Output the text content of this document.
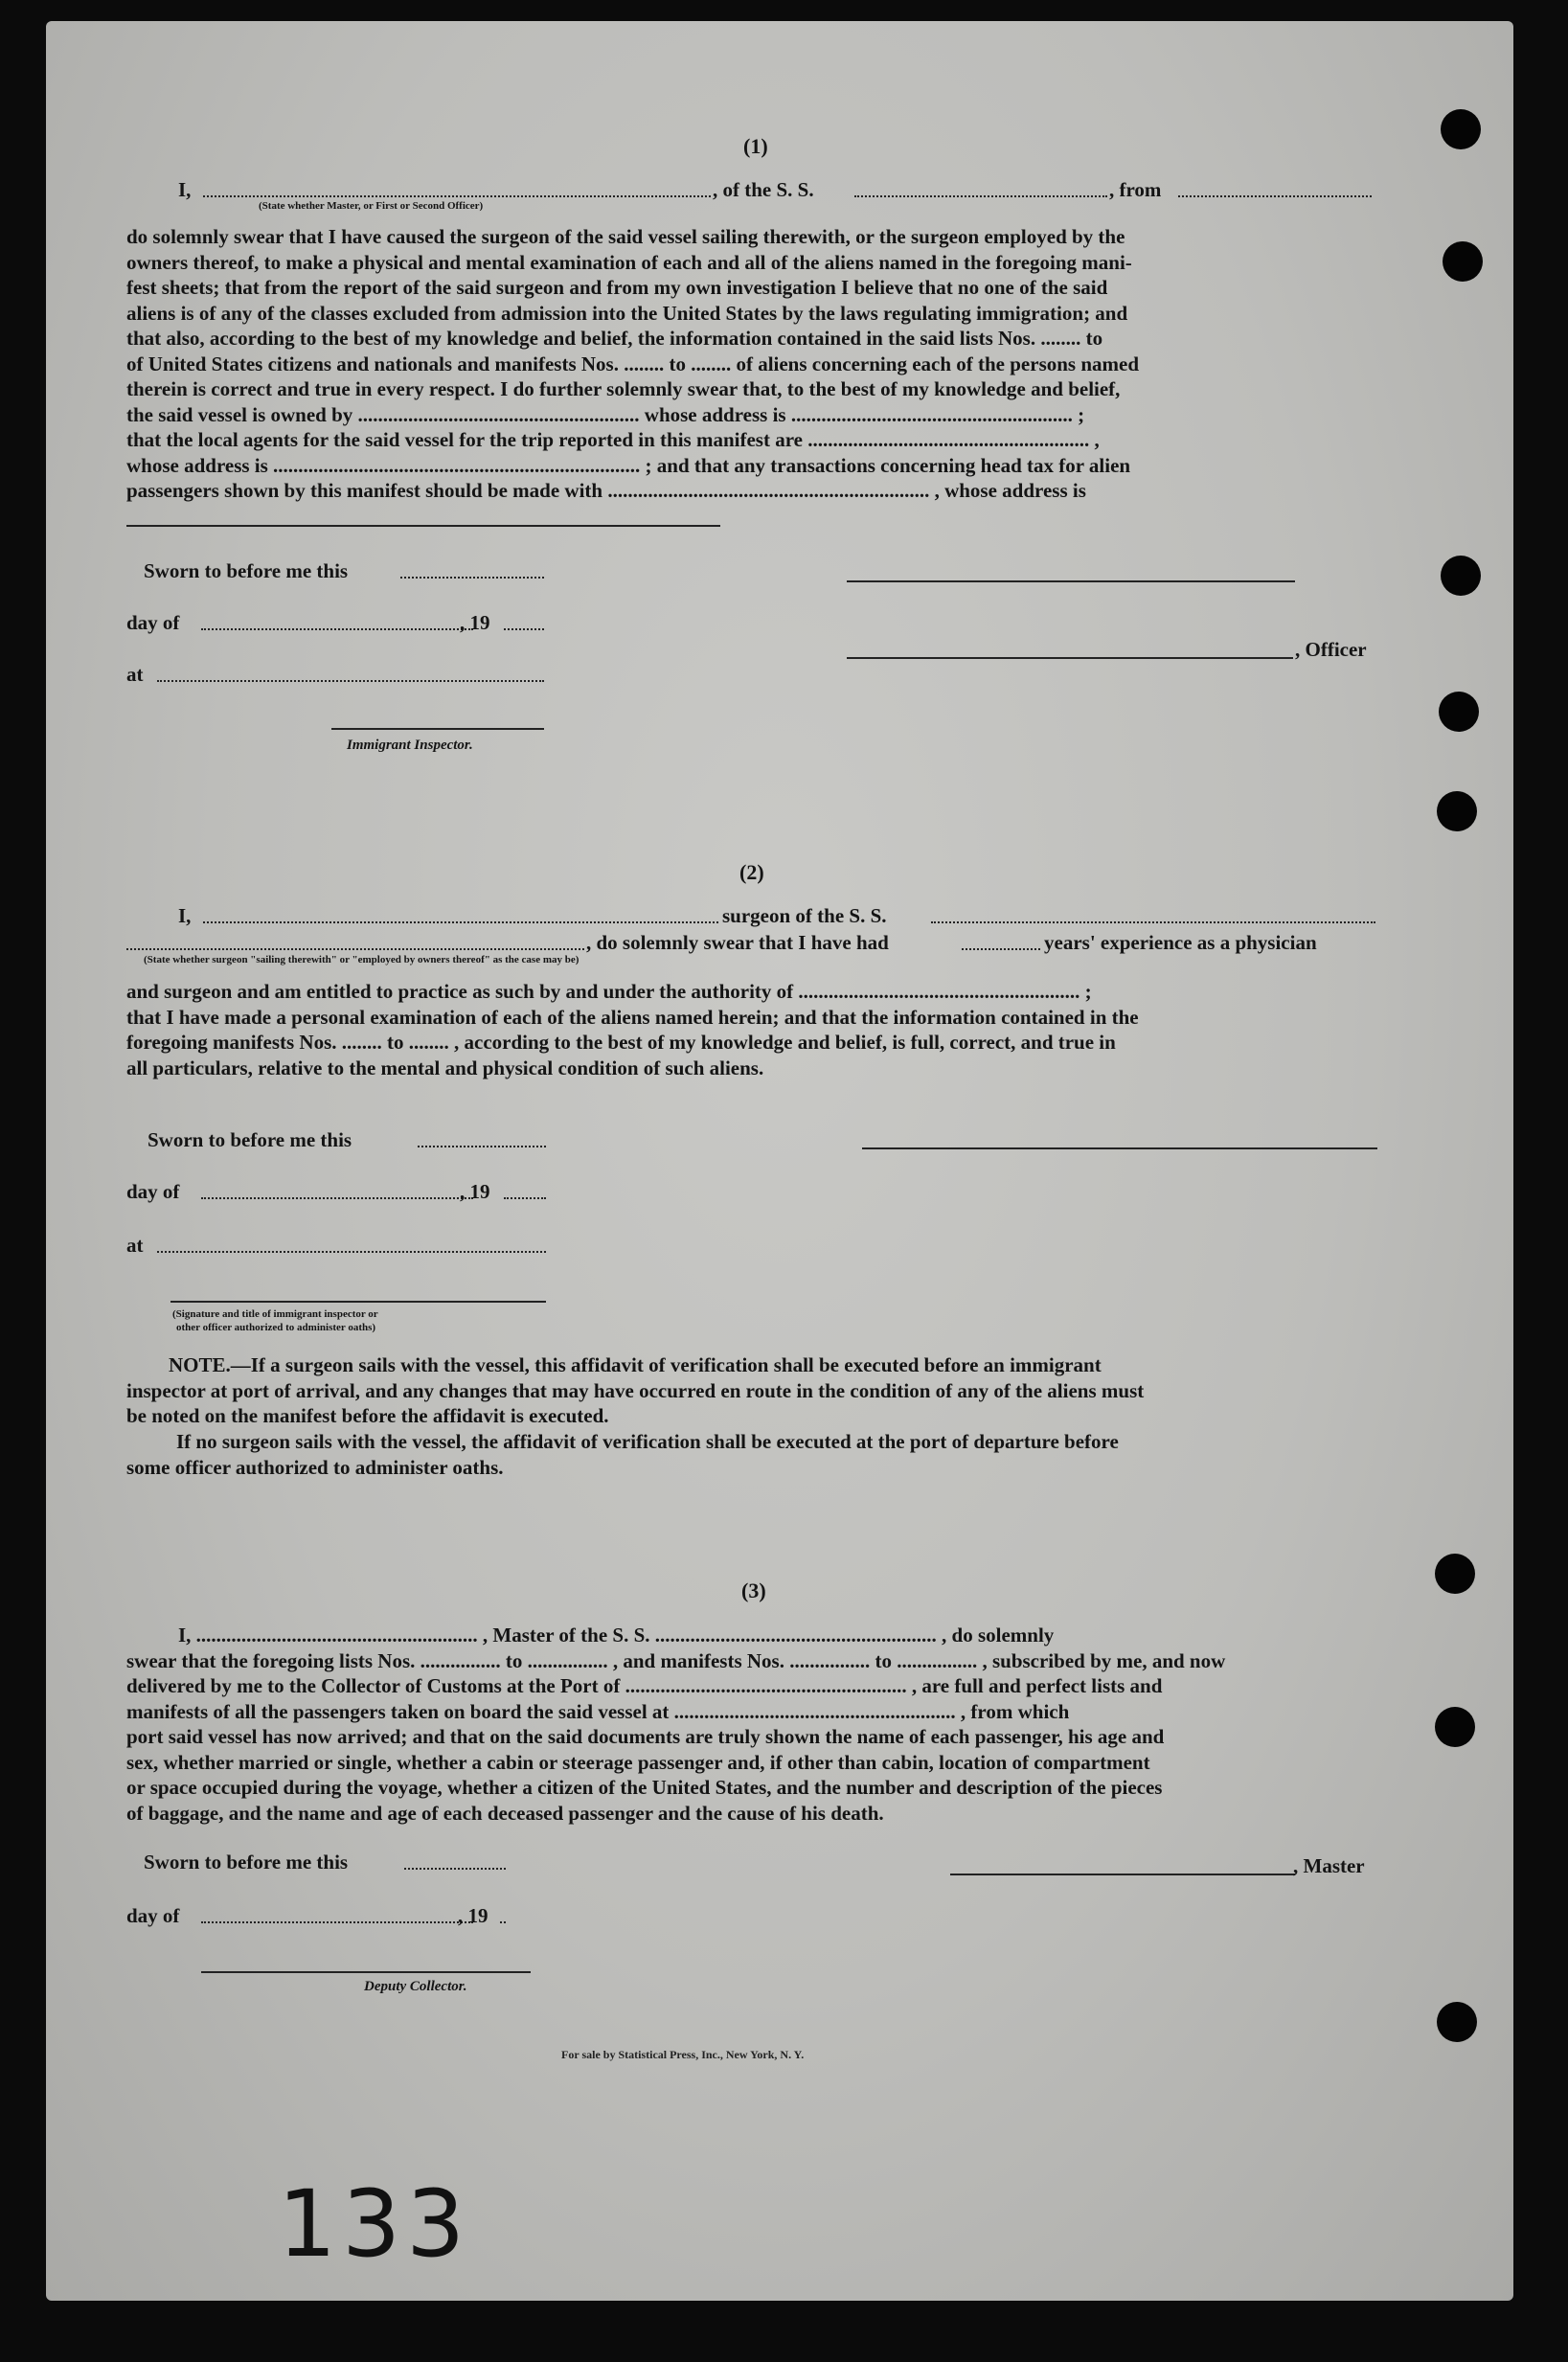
(1)
I,	, of the S. S.	, from
(State whether Master, or First or Second Officer)
do solemnly swear that I have caused the surgeon of the said vessel sailing therewith, or the surgeon employed by the
owners thereof, to make a physical and mental examination of each and all of the aliens named in the foregoing mani-
fest sheets; that from the report of the said surgeon and from my own investigation I believe that no one of the said
aliens is of any of the classes excluded from admission into the United States by the laws regulating immigration; and
that also, according to the best of my knowledge and belief, the information contained in the said lists Nos. ........ to
of United States citizens and nationals and manifests Nos. ........ to ........ of aliens concerning each of the persons named
therein is correct and true in every respect. I do further solemnly swear that, to the best of my knowledge and belief,
the said vessel is owned by ........................................................ whose address is ........................................................ ;
that the local agents for the said vessel for the trip reported in this manifest are ........................................................ ,
whose address is ......................................................................... ; and that any transactions concerning head tax for alien
passengers shown by this manifest should be made with ................................................................ , whose address is
Sworn to before me this
day of	, 19
, Officer
at
Immigrant Inspector.
(2)
I,	surgeon of the S. S.
, do solemnly swear that I have had	years' experience as a physician
(State whether surgeon "sailing therewith" or "employed by owners thereof" as the case may be)
and surgeon and am entitled to practice as such by and under the authority of ........................................................ ;
that I have made a personal examination of each of the aliens named herein; and that the information contained in the
foregoing manifests Nos. ........ to ........ , according to the best of my knowledge and belief, is full, correct, and true in
all particulars, relative to the mental and physical condition of such aliens.
Sworn to before me this
day of	, 19
at
(Signature and title of immigrant inspector or
other officer authorized to administer oaths)
NOTE.—If a surgeon sails with the vessel, this affidavit of verification shall be executed before an immigrant
inspector at port of arrival, and any changes that may have occurred en route in the condition of any of the aliens must
be noted on the manifest before the affidavit is executed.
If no surgeon sails with the vessel, the affidavit of verification shall be executed at the port of departure before
some officer authorized to administer oaths.
(3)
I, ........................................................ , Master of the S. S. ........................................................ , do solemnly
swear that the foregoing lists Nos. ................ to ................ , and manifests Nos. ................ to ................ , subscribed by me, and now
delivered by me to the Collector of Customs at the Port of ........................................................ , are full and perfect lists and
manifests of all the passengers taken on board the said vessel at ........................................................ , from which
port said vessel has now arrived; and that on the said documents are truly shown the name of each passenger, his age and
sex, whether married or single, whether a cabin or steerage passenger and, if other than cabin, location of compartment
or space occupied during the voyage, whether a citizen of the United States, and the number and description of the pieces
of baggage, and the name and age of each deceased passenger and the cause of his death.
Sworn to before me this	, Master
day of	, 19
Deputy Collector.
For sale by Statistical Press, Inc., New York, N. Y.
133
